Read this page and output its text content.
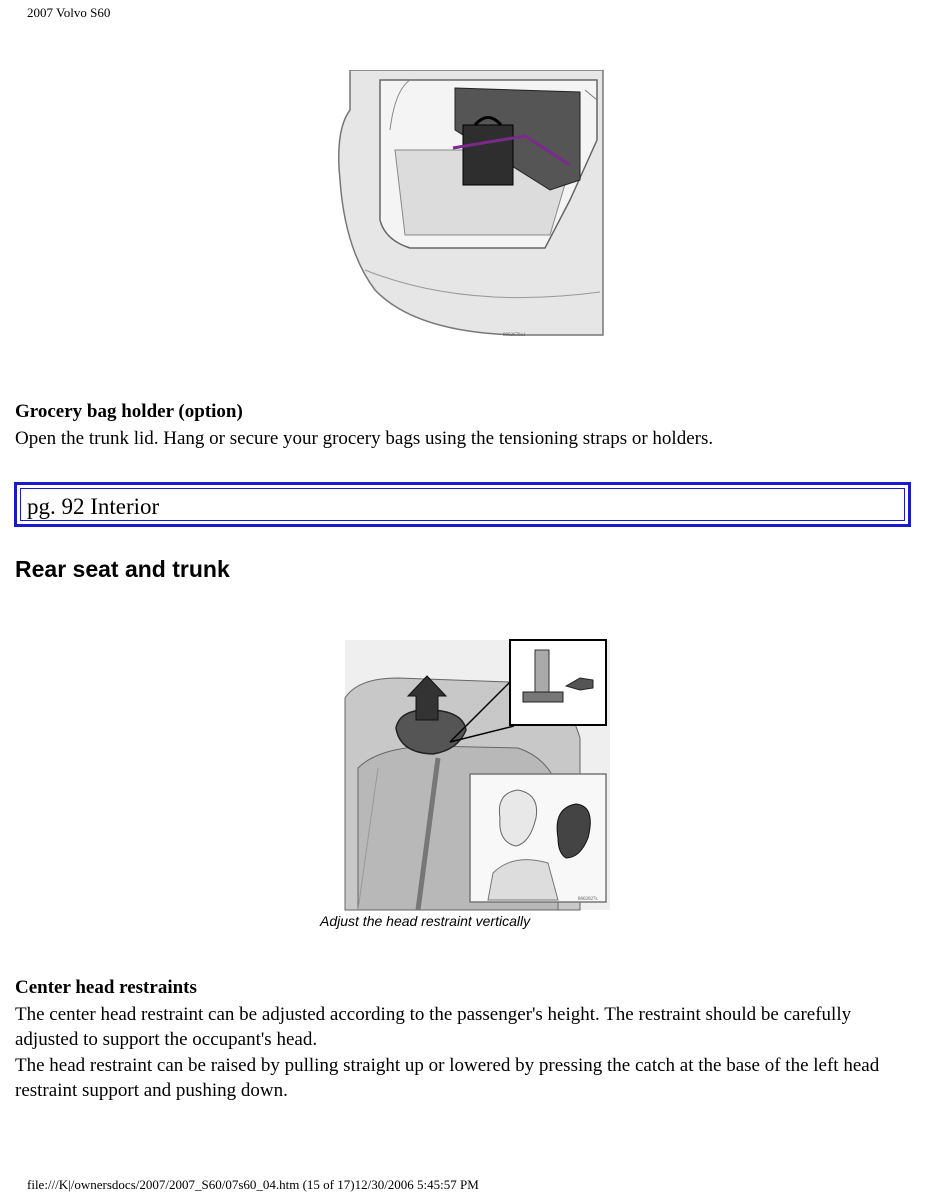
2007 Volvo S60
8802676n1
Grocery bag holder (option)
Open the trunk lid. Hang or secure your grocery bags using the tensioning straps or holders.
pg. 92 Interior
Rear seat and trunk
8602027s
Adjust the head restraint vertically
Center head restraints
The center head restraint can be adjusted according to the passenger's height. The restraint should be carefully adjusted to support the occupant's head.
The head restraint can be raised by pulling straight up or lowered by pressing the catch at the base of the left head restraint support and pushing down.
file:///K|/ownersdocs/2007/2007_S60/07s60_04.htm (15 of 17)12/30/2006 5:45:57 PM
